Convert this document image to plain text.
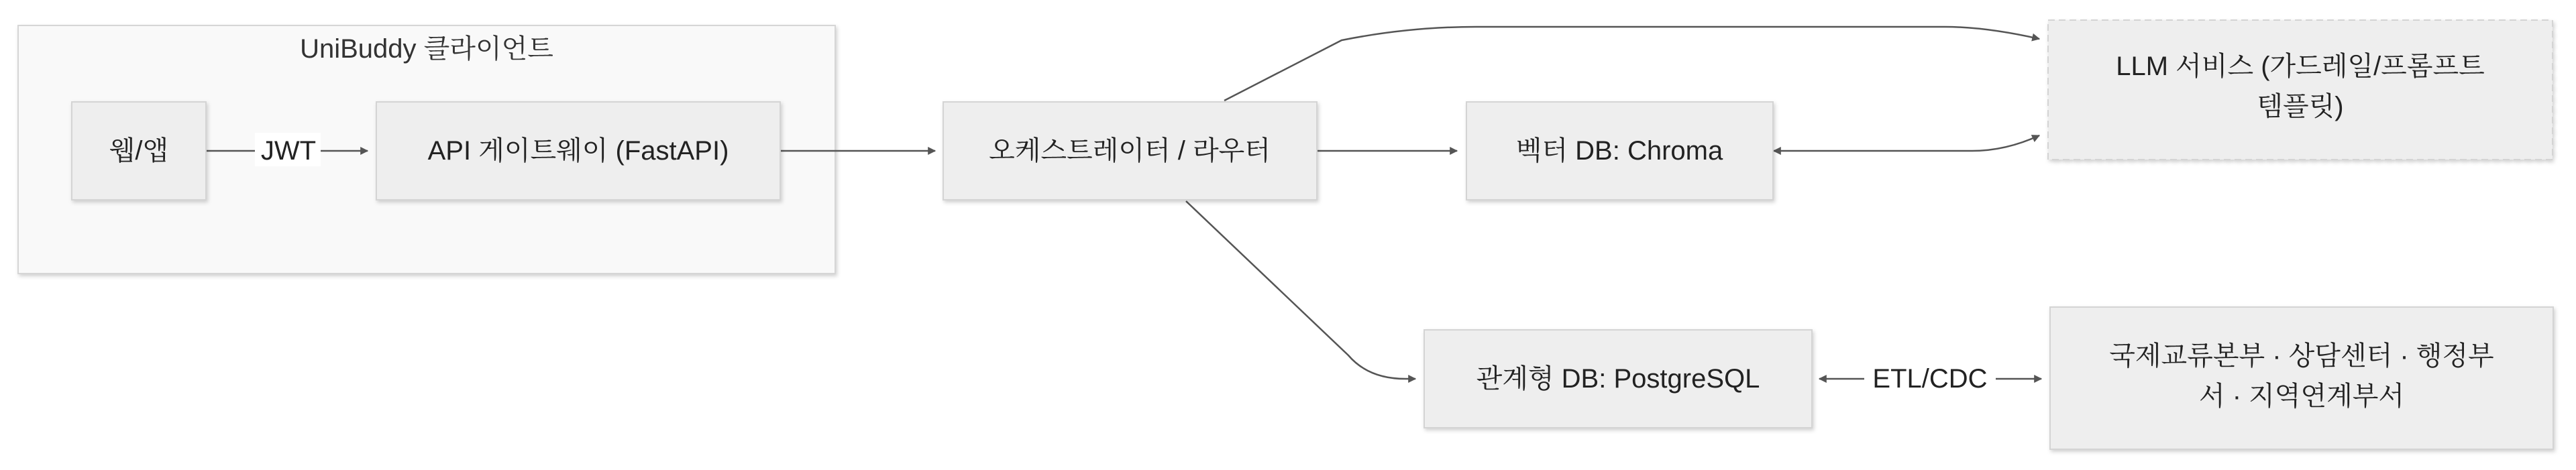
UniBuddy 클라이언트
JWT
ETL/CDC
웹/앱	API 게이트웨이 (FastAPI)	오케스트레이터 / 라우터	벡터 DB: Chroma
LLM 서비스 (가드레일/프롬프트
템플릿)
관계형 DB: PostgreSQL
국제교류본부 · 상담센터 · 행정부
서 · 지역연계부서
